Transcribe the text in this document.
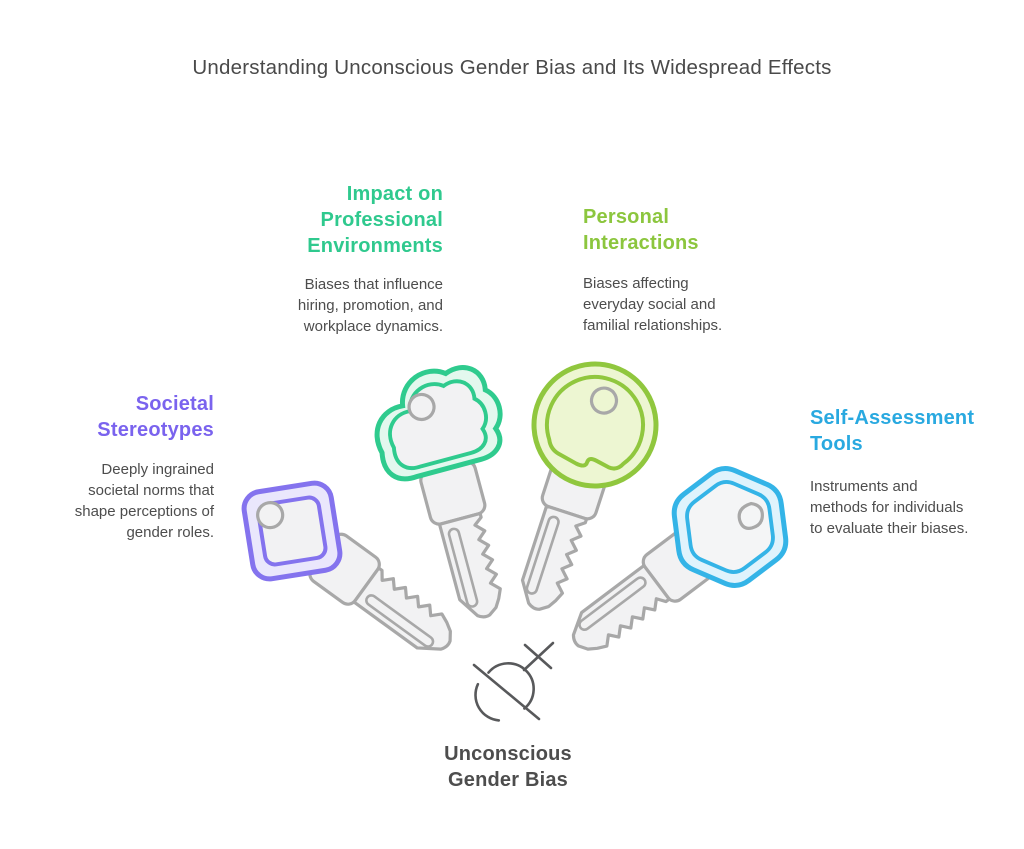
Understanding Unconscious Gender Bias and Its Widespread Effects
Societal Stereotypes
Deeply ingrained societal norms that shape perceptions of gender roles.
Impact on Professional Environments
Biases that influence hiring, promotion, and workplace dynamics.
Personal Interactions
Biases affecting everyday social and familial relationships.
Self-Assessment Tools
Instruments and methods for individuals to evaluate their biases.
Unconscious Gender Bias
